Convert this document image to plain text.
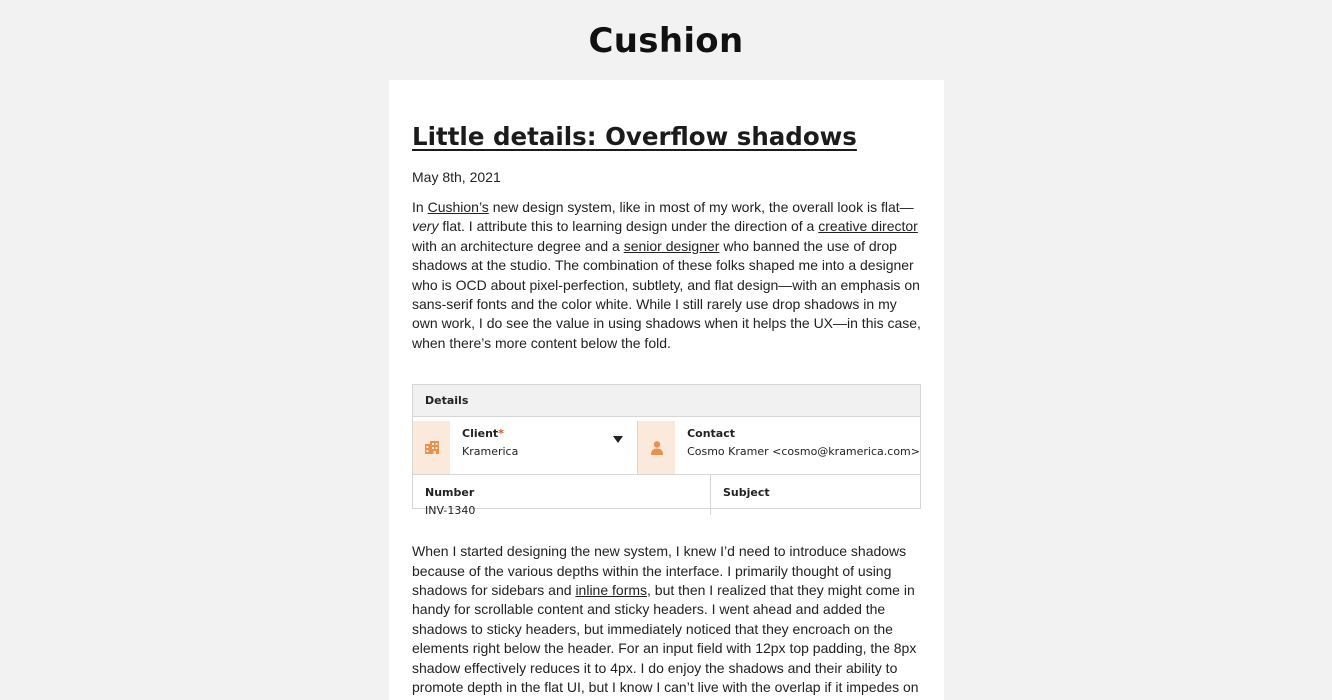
Cushion
Little details: Overflow shadows
May 8th, 2021

In Cushion’s new design system, like in most of my work, the overall look is flat—very flat. I attribute this to learning design under the direction of a creative director with an architecture degree and a senior designer who banned the use of drop shadows at the studio. The combination of these folks shaped me into a designer who is OCD about pixel-perfection, subtlety, and flat design—with an emphasis on sans-serif fonts and the color white. While I still rarely use drop shadows in my own work, I do see the value in using shadows when it helps the UX—in this case, when there’s more content below the fold.

Details
Client*
Kramerica
Contact
Cosmo Kramer <cosmo@kramerica.com>
Number
INV-1340
Subject

When I started designing the new system, I knew I’d need to introduce shadows because of the various depths within the interface. I primarily thought of using shadows for sidebars and inline forms, but then I realized that they might come in handy for scrollable content and sticky headers. I went ahead and added the shadows to sticky headers, but immediately noticed that they encroach on the elements right below the header. For an input field with 12px top padding, the 8px shadow effectively reduces it to 4px. I do enjoy the shadows and their ability to promote depth in the flat UI, but I know I can’t live with the overlap if it impedes on
